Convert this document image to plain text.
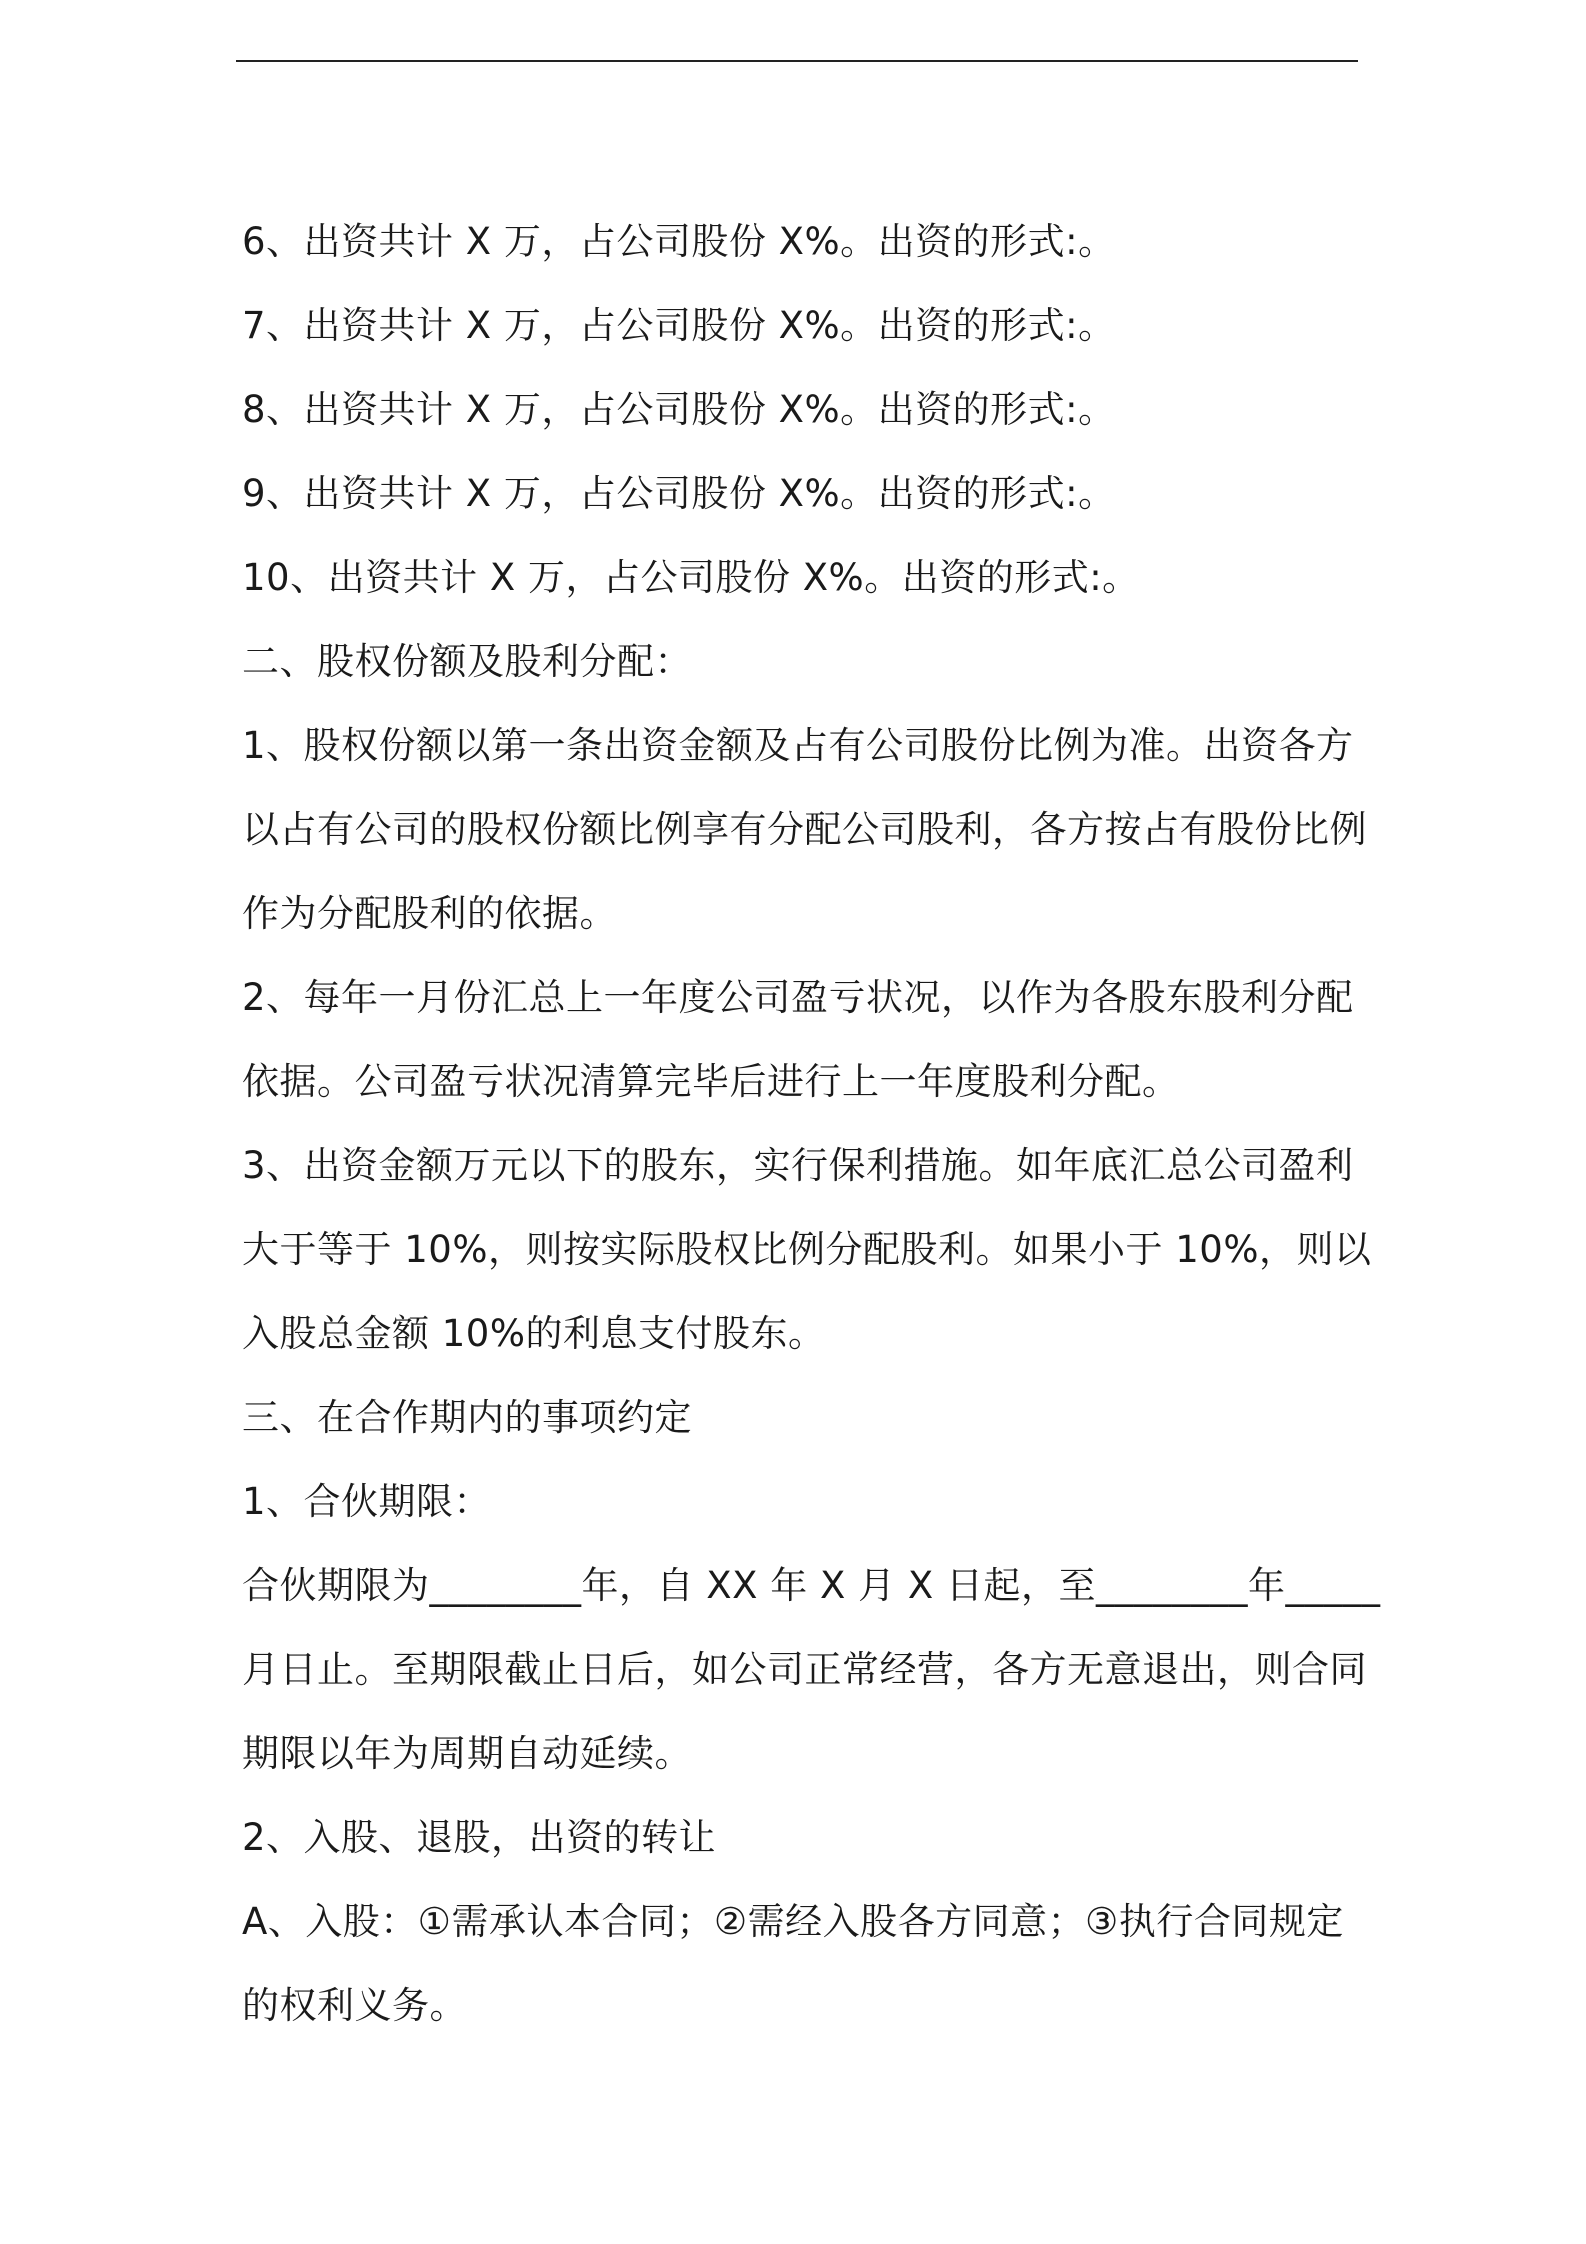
6、出资共计 X 万，占公司股份 X%。出资的形式:。
7、出资共计 X 万，占公司股份 X%。出资的形式:。
8、出资共计 X 万，占公司股份 X%。出资的形式:。
9、出资共计 X 万，占公司股份 X%。出资的形式:。
10、出资共计 X 万，占公司股份 X%。出资的形式:。
二、股权份额及股利分配：
1、股权份额以第一条出资金额及占有公司股份比例为准。出资各方
以占有公司的股权份额比例享有分配公司股利，各方按占有股份比例
作为分配股利的依据。
2、每年一月份汇总上一年度公司盈亏状况，以作为各股东股利分配
依据。公司盈亏状况清算完毕后进行上一年度股利分配。
3、出资金额万元以下的股东，实行保利措施。如年底汇总公司盈利
大于等于 10%，则按实际股权比例分配股利。如果小于 10%，则以
入股总金额 10%的利息支付股东。
三、在合作期内的事项约定
1、合伙期限：
合伙期限为________年，自 XX 年 X 月 X 日起，至________年_____
月日止。至期限截止日后，如公司正常经营，各方无意退出，则合同
期限以年为周期自动延续。
2、入股、退股，出资的转让
A、入股：①需承认本合同；②需经入股各方同意；③执行合同规定
的权利义务。
